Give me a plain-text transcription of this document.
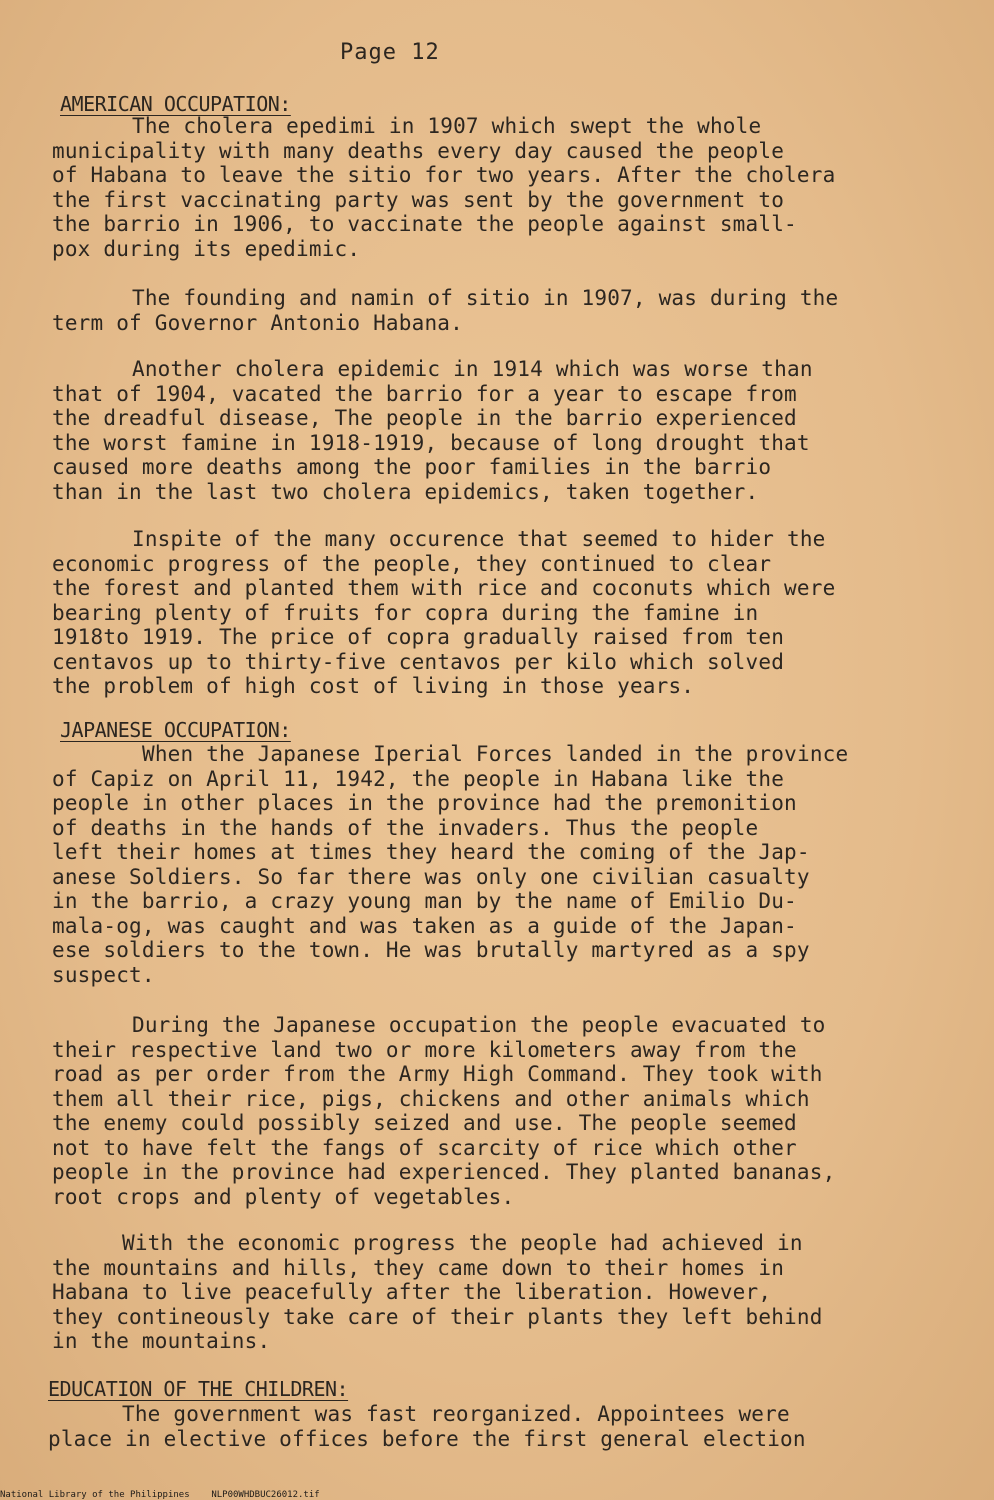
Page 12
AMERICAN OCCUPATION:
The cholera epedimi in 1907 which swept the whole
municipality with many deaths every day caused the people
of Habana to leave the sitio for two years. After the cholera
the first vaccinating party was sent by the government to
the barrio in 1906, to vaccinate the people against small-
pox during its epedimic.
The founding and namin of sitio in 1907, was during the
term of Governor Antonio Habana.
Another cholera epidemic in 1914 which was worse than
that of 1904, vacated the barrio for a year to escape from
the dreadful disease, The people in the barrio experienced
the worst famine in 1918-1919, because of long drought that
caused more deaths among the poor families in the barrio
than in the last two cholera epidemics, taken together.
Inspite of the many occurence that seemed to hider the
economic progress of the people, they continued to clear
the forest and planted them with rice and coconuts which were
bearing plenty of fruits for copra during the famine in
1918to 1919. The price of copra gradually raised from ten
centavos up to thirty-five centavos per kilo which solved
the problem of high cost of living in those years.
JAPANESE OCCUPATION:
When the Japanese Iperial Forces landed in the province
of Capiz on April 11, 1942, the people in Habana like the
people in other places in the province had the premonition
of deaths in the hands of the invaders. Thus the people
left their homes at times they heard the coming of the Jap-
anese Soldiers. So far there was only one civilian casualty
in the barrio, a crazy young man by the name of Emilio Du-
mala-og, was caught and was taken as a guide of the Japan-
ese soldiers to the town. He was brutally martyred as a spy
suspect.
During the Japanese occupation the people evacuated to
their respective land two or more kilometers away from the
road as per order from the Army High Command. They took with
them all their rice, pigs, chickens and other animals which
the enemy could possibly seized and use. The people seemed
not to have felt the fangs of scarcity of rice which other
people in the province had experienced. They planted bananas,
root crops and plenty of vegetables.
With the economic progress the people had achieved in
the mountains and hills, they came down to their homes in
Habana to live peacefully after the liberation. However,
they contineously take care of their plants they left behind
in the mountains.
EDUCATION OF THE CHILDREN:
The government was fast reorganized. Appointees were
place in elective offices before the first general election
National Library of the Philippines    NLP00WHDBUC26012.tif
